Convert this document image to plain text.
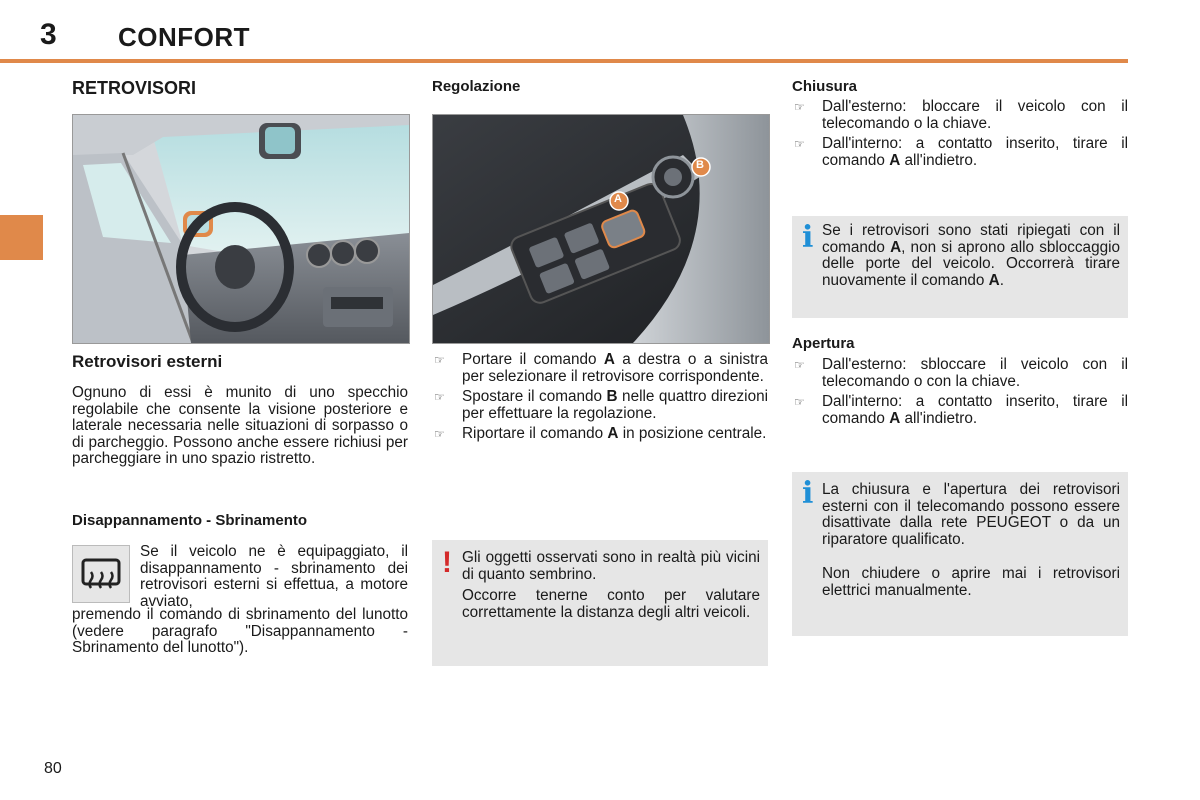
3 CONFORT
RETROVISORI
Retrovisori esterni

Ognuno di essi è munito di uno specchio regolabile che consente la visione posteriore e laterale necessaria nelle situazioni di sorpasso o di parcheggio. Possono anche essere richiusi per parcheggiare in uno spazio ristretto.

Disappannamento - Sbrinamento

Se il veicolo ne è equipaggiato, il disappannamento - sbrinamento dei retrovisori esterni si effettua, a motore avviato,

premendo il comando di sbrinamento del lunotto (vedere paragrafo "Disappannamento - Sbrinamento del lunotto").

Regolazione
B
A
☞ Portare il comando A a destra o a sinistra per selezionare il retrovisore corrispondente.
☞ Spostare il comando B nelle quattro direzioni per effettuare la regolazione.
☞ Riportare il comando A in posizione centrale.
! Gli oggetti osservati sono in realtà più vicini di quanto sembrino.

Occorre tenerne conto per valutare correttamente la distanza degli altri veicoli.

Chiusura
☞ Dall'esterno: bloccare il veicolo con il telecomando o la chiave.
☞ Dall'interno: a contatto inserito, tirare il comando A all'indietro.
i Se i retrovisori sono stati ripiegati con il comando A, non si aprono allo sbloccaggio delle porte del veicolo. Occorrerà tirare nuovamente il comando A.

Apertura
☞ Dall'esterno: sbloccare il veicolo con il telecomando o con la chiave.
☞ Dall'interno: a contatto inserito, tirare il comando A all'indietro.
i La chiusura e l'apertura dei retrovisori esterni con il telecomando possono essere disattivate dalla rete PEUGEOT o da un riparatore qualificato.

Non chiudere o aprire mai i retrovisori elettrici manualmente.

80
